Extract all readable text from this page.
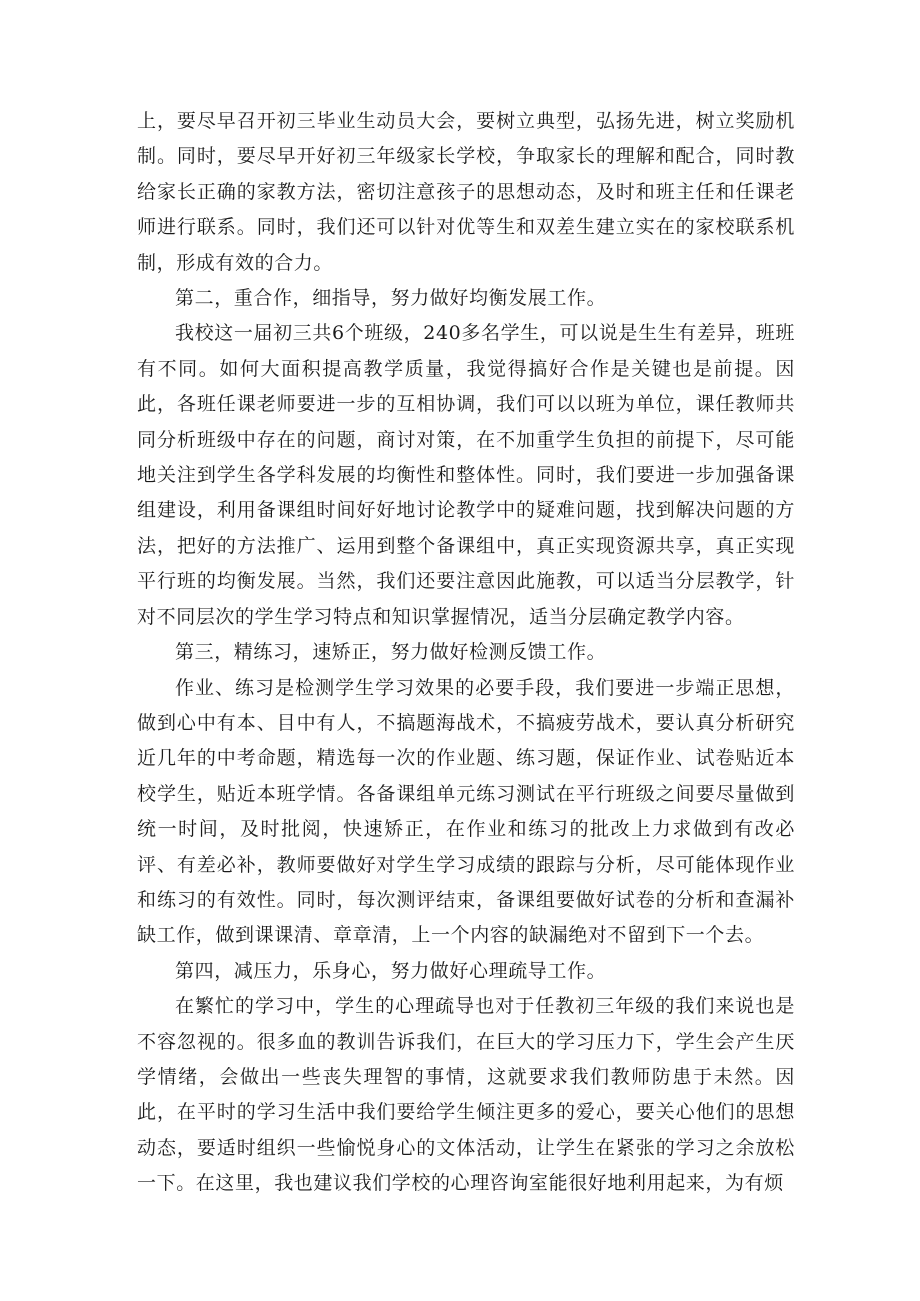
上，要尽早召开初三毕业生动员大会，要树立典型，弘扬先进，树立奖励机制。同时，要尽早开好初三年级家长学校，争取家长的理解和配合，同时教给家长正确的家教方法，密切注意孩子的思想动态，及时和班主任和任课老师进行联系。同时，我们还可以针对优等生和双差生建立实在的家校联系机制，形成有效的合力。

第二，重合作，细指导，努力做好均衡发展工作。

我校这一届初三共6个班级，240多名学生，可以说是生生有差异，班班有不同。如何大面积提高教学质量，我觉得搞好合作是关键也是前提。因此，各班任课老师要进一步的互相协调，我们可以以班为单位，课任教师共同分析班级中存在的问题，商讨对策，在不加重学生负担的前提下，尽可能地关注到学生各学科发展的均衡性和整体性。同时，我们要进一步加强备课组建设，利用备课组时间好好地讨论教学中的疑难问题，找到解决问题的方法，把好的方法推广、运用到整个备课组中，真正实现资源共享，真正实现平行班的均衡发展。当然，我们还要注意因此施教，可以适当分层教学，针对不同层次的学生学习特点和知识掌握情况，适当分层确定教学内容。

第三，精练习，速矫正，努力做好检测反馈工作。

作业、练习是检测学生学习效果的必要手段，我们要进一步端正思想，做到心中有本、目中有人，不搞题海战术，不搞疲劳战术，要认真分析研究近几年的中考命题，精选每一次的作业题、练习题，保证作业、试卷贴近本校学生，贴近本班学情。各备课组单元练习测试在平行班级之间要尽量做到统一时间，及时批阅，快速矫正，在作业和练习的批改上力求做到有改必评、有差必补，教师要做好对学生学习成绩的跟踪与分析，尽可能体现作业和练习的有效性。同时，每次测评结束，备课组要做好试卷的分析和查漏补缺工作，做到课课清、章章清，上一个内容的缺漏绝对不留到下一个去。

第四，减压力，乐身心，努力做好心理疏导工作。

在繁忙的学习中，学生的心理疏导也对于任教初三年级的我们来说也是不容忽视的。很多血的教训告诉我们，在巨大的学习压力下，学生会产生厌学情绪，会做出一些丧失理智的事情，这就要求我们教师防患于未然。因此，在平时的学习生活中我们要给学生倾注更多的爱心，要关心他们的思想动态，要适时组织一些愉悦身心的文体活动，让学生在紧张的学习之余放松一下。在这里，我也建议我们学校的心理咨询室能很好地利用起来，为有烦
